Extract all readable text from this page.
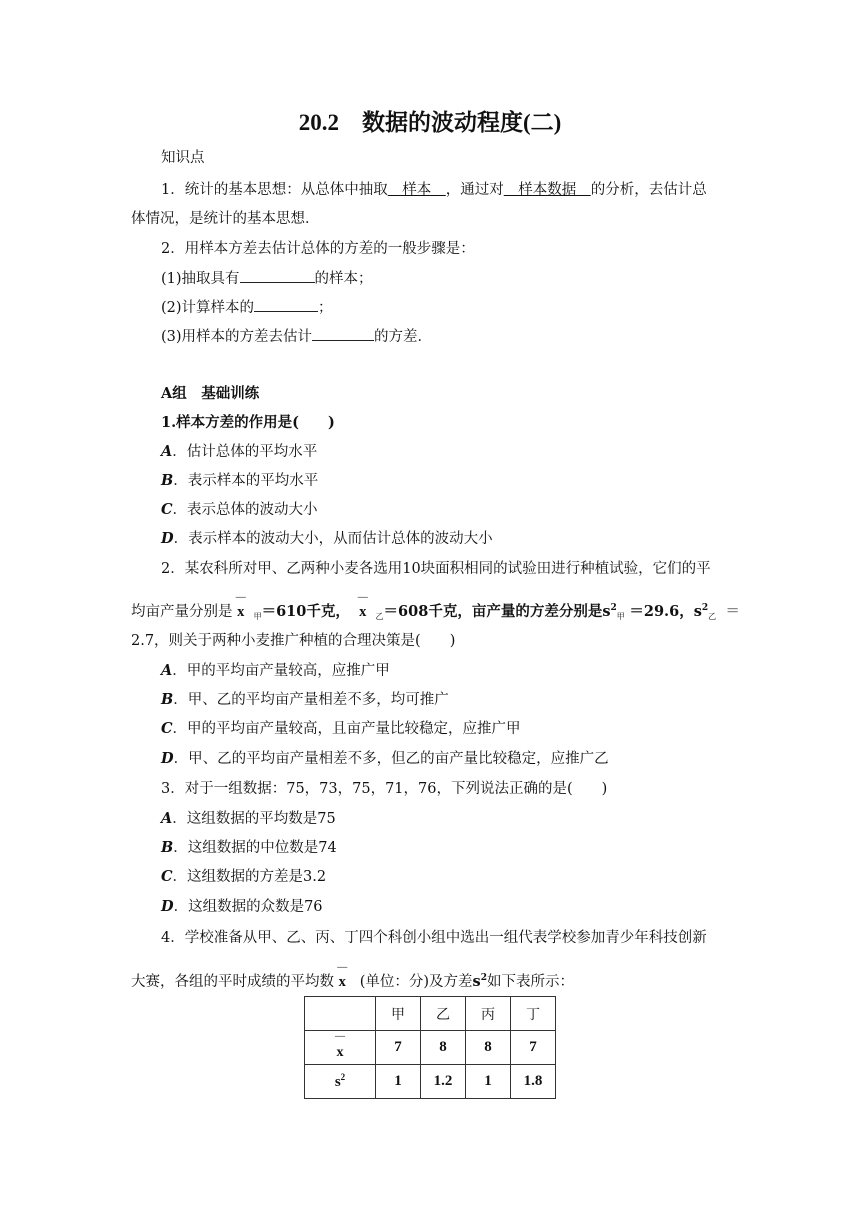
20.2　数据的波动程度(二)
知识点
1．统计的基本思想：从总体中抽取　样本　，通过对　样本数据　的分析，去估计总
体情况，是统计的基本思想．
2．用样本方差去估计总体的方差的一般步骤是：
(1)抽取具有	的样本；
(2)计算样本的	；
(3)用样本的方差去估计	的方差．
A组　基础训练
1.样本方差的作用是(　　)
A．估计总体的平均水平
B．表示样本的平均水平
C．表示总体的波动大小
D．表示样本的波动大小，从而估计总体的波动大小
2．某农科所对甲、乙两种小麦各选用10块面积相同的试验田进行种植试验，它们的平
均亩产量分别是
—
x $_甲$＝610千克，
—
x $_乙$＝608千克，亩产量的方差分别是$s^2_甲 =29.6$，$s^2_乙$ ＝
2.7，则关于两种小麦推广种植的合理决策是(　　)
A．甲的平均亩产量较高，应推广甲
B．甲、乙的平均亩产量相差不多，均可推广
C．甲的平均亩产量较高，且亩产量比较稳定，应推广甲
D．甲、乙的平均亩产量相差不多，但乙的亩产量比较稳定，应推广乙
3．对于一组数据：75，73，75，71，76，下列说法正确的是(　　)
A．这组数据的平均数是75
B．这组数据的中位数是74
C．这组数据的方差是3.2
D．这组数据的众数是76
4．学校准备从甲、乙、丙、丁四个科创小组中选出一组代表学校参加青少年科技创新
大赛，各组的平时成绩的平均数
—
x (单位：分)及方差$s^2$如下表所示：
	甲	乙	丙	丁

—
x	7	8	8	7
$s^2$	1	1.2	1	1.8
